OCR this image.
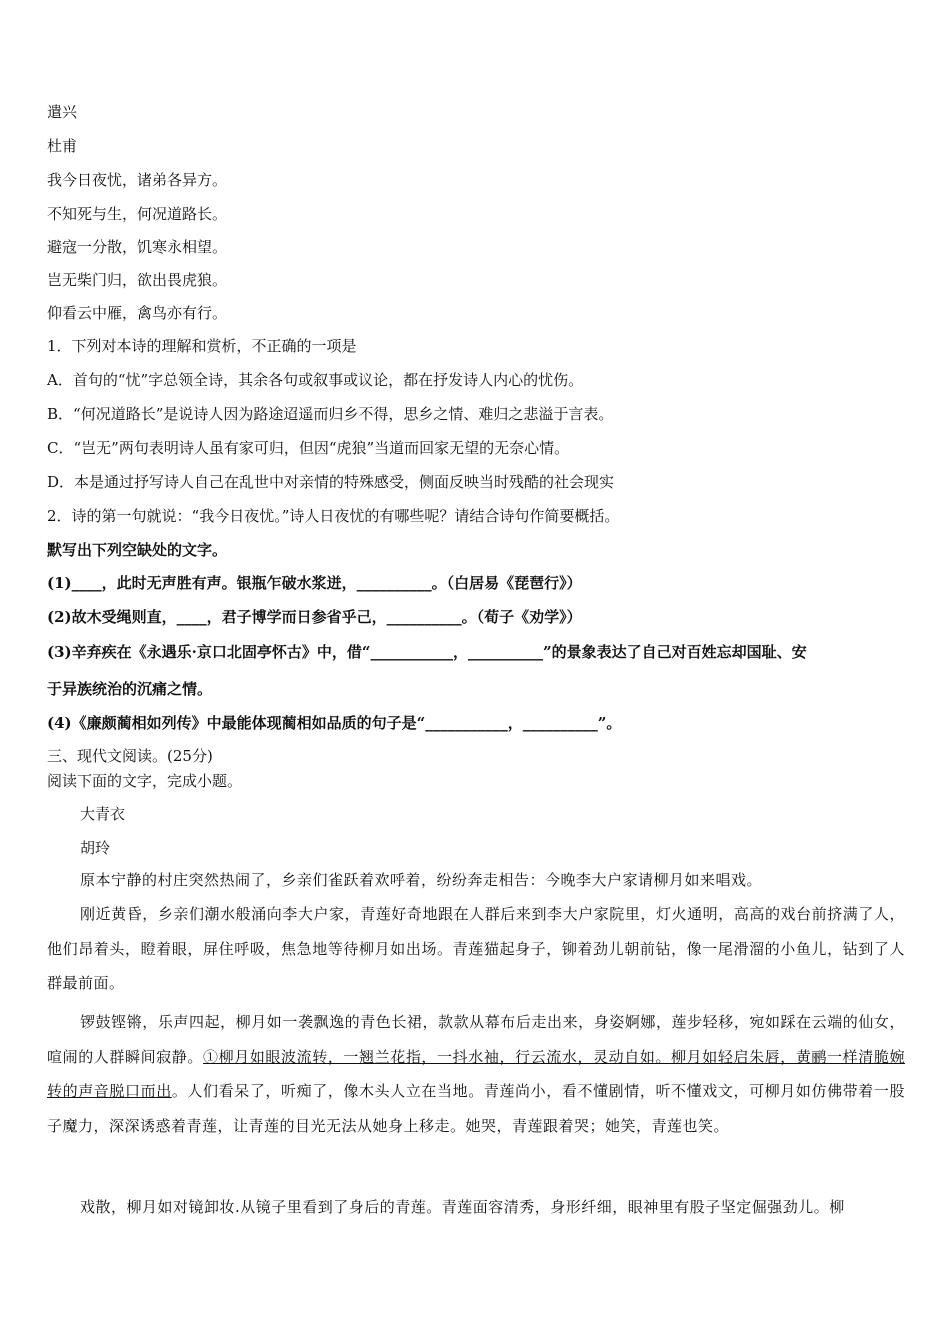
遣兴
杜甫
我今日夜忧，诸弟各异方。
不知死与生，何况道路长。
避寇一分散，饥寒永相望。
岂无柴门归，欲出畏虎狼。
仰看云中雁，禽鸟亦有行。
1．下列对本诗的理解和赏析，不正确的一项是
A．首句的“忧”字总领全诗，其余各句或叙事或议论，都在抒发诗人内心的忧伤。
B．“何况道路长”是说诗人因为路途迢遥而归乡不得，思乡之情、难归之悲溢于言表。
C．“岂无”两句表明诗人虽有家可归，但因“虎狼”当道而回家无望的无奈心情。
D．本是通过抒写诗人自己在乱世中对亲情的特殊感受，侧面反映当时残酷的社会现实
2．诗的第一句就说：“我今日夜忧。”诗人日夜忧的有哪些呢？请结合诗句作简要概括。
默写出下列空缺处的文字。
(1)____，此时无声胜有声。银瓶乍破水浆迸，__________。（白居易《琵琶行》）
(2)故木受绳则直，____，君子博学而日参省乎己，__________。（荀子《劝学》）
(3)辛弃疾在《永遇乐·京口北固亭怀古》中，借“___________，__________”的景象表达了自己对百姓忘却国耻、安
于异族统治的沉痛之情。
(4)《廉颇蔺相如列传》中最能体现蔺相如品质的句子是“___________，__________”。
三、现代文阅读。(25分)
阅读下面的文字，完成小题。
大青衣
胡玲
原本宁静的村庄突然热闹了，乡亲们雀跃着欢呼着，纷纷奔走相告：今晚李大户家请柳月如来唱戏。
刚近黄昏，乡亲们潮水般涌向李大户家，青莲好奇地跟在人群后来到李大户家院里，灯火通明，高高的戏台前挤满了人，他们昂着头，瞪着眼，屏住呼吸，焦急地等待柳月如出场。青莲猫起身子，铆着劲儿朝前钻，像一尾滑溜的小鱼儿，钻到了人群最前面。
锣鼓铿锵，乐声四起，柳月如一袭飘逸的青色长裙，款款从幕布后走出来，身姿婀娜，莲步轻移，宛如踩在云端的仙女，喧闹的人群瞬间寂静。①柳月如眼波流转，一翘兰花指，一抖水袖，行云流水，灵动自如。柳月如轻启朱唇，黄鹂一样清脆婉转的声音脱口而出。人们看呆了，听痴了，像木头人立在当地。青莲尚小，看不懂剧情，听不懂戏文，可柳月如仿佛带着一股子魔力，深深诱惑着青莲，让青莲的目光无法从她身上移走。她哭，青莲跟着哭；她笑，青莲也笑。
戏散，柳月如对镜卸妆.从镜子里看到了身后的青莲。青莲面容清秀，身形纤细，眼神里有股子坚定倔强劲儿。柳
